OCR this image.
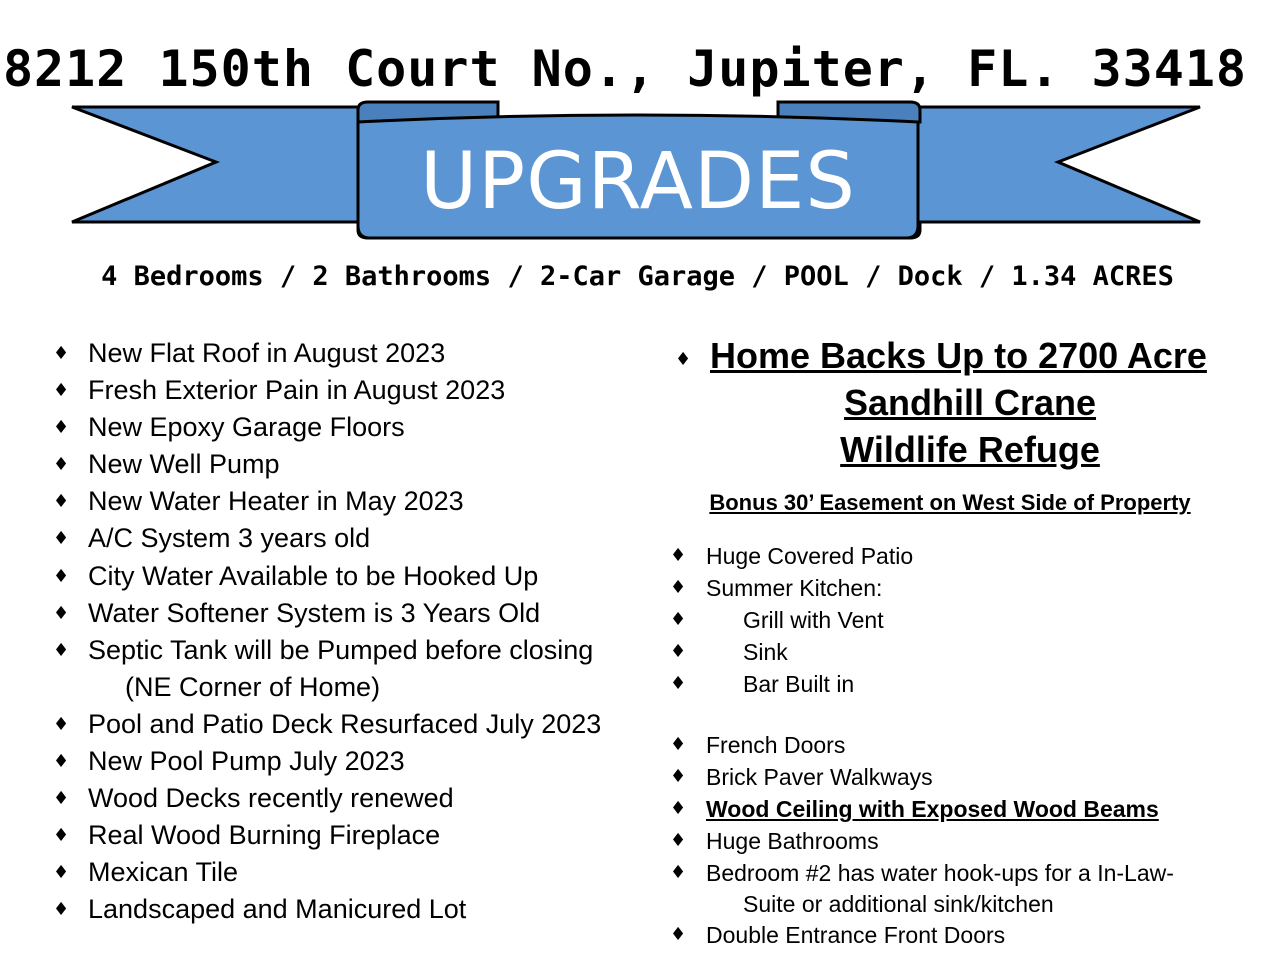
8212 150th Court No., Jupiter, FL. 33418
UPGRADES
4 Bedrooms / 2 Bathrooms / 2-Car Garage / POOL / Dock / 1.34 ACRES
♦ New Flat Roof in August 2023
♦ Fresh Exterior Pain in August 2023
♦ New Epoxy Garage Floors
♦ New Well Pump
♦ New Water Heater in May 2023
♦ A/C System 3 years old
♦ City Water Available to be Hooked Up
♦ Water Softener System is 3 Years Old
♦ Septic Tank will be Pumped before closing
(NE Corner of Home)
♦ Pool and Patio Deck Resurfaced July 2023
♦ New Pool Pump July 2023
♦ Wood Decks recently renewed
♦ Real Wood Burning Fireplace
♦ Mexican Tile
♦ Landscaped and Manicured Lot
♦ Home Backs Up to 2700 Acre
Sandhill Crane
Wildlife Refuge
Bonus 30’ Easement on West Side of Property
♦ Huge Covered Patio
♦ Summer Kitchen:
♦ Grill with Vent
♦ Sink
♦ Bar Built in
♦ French Doors
♦ Brick Paver Walkways
♦ Wood Ceiling with Exposed Wood Beams
♦ Huge Bathrooms
♦ Bedroom #2 has water hook-ups for a In-Law-
Suite or additional sink/kitchen
♦ Double Entrance Front Doors
